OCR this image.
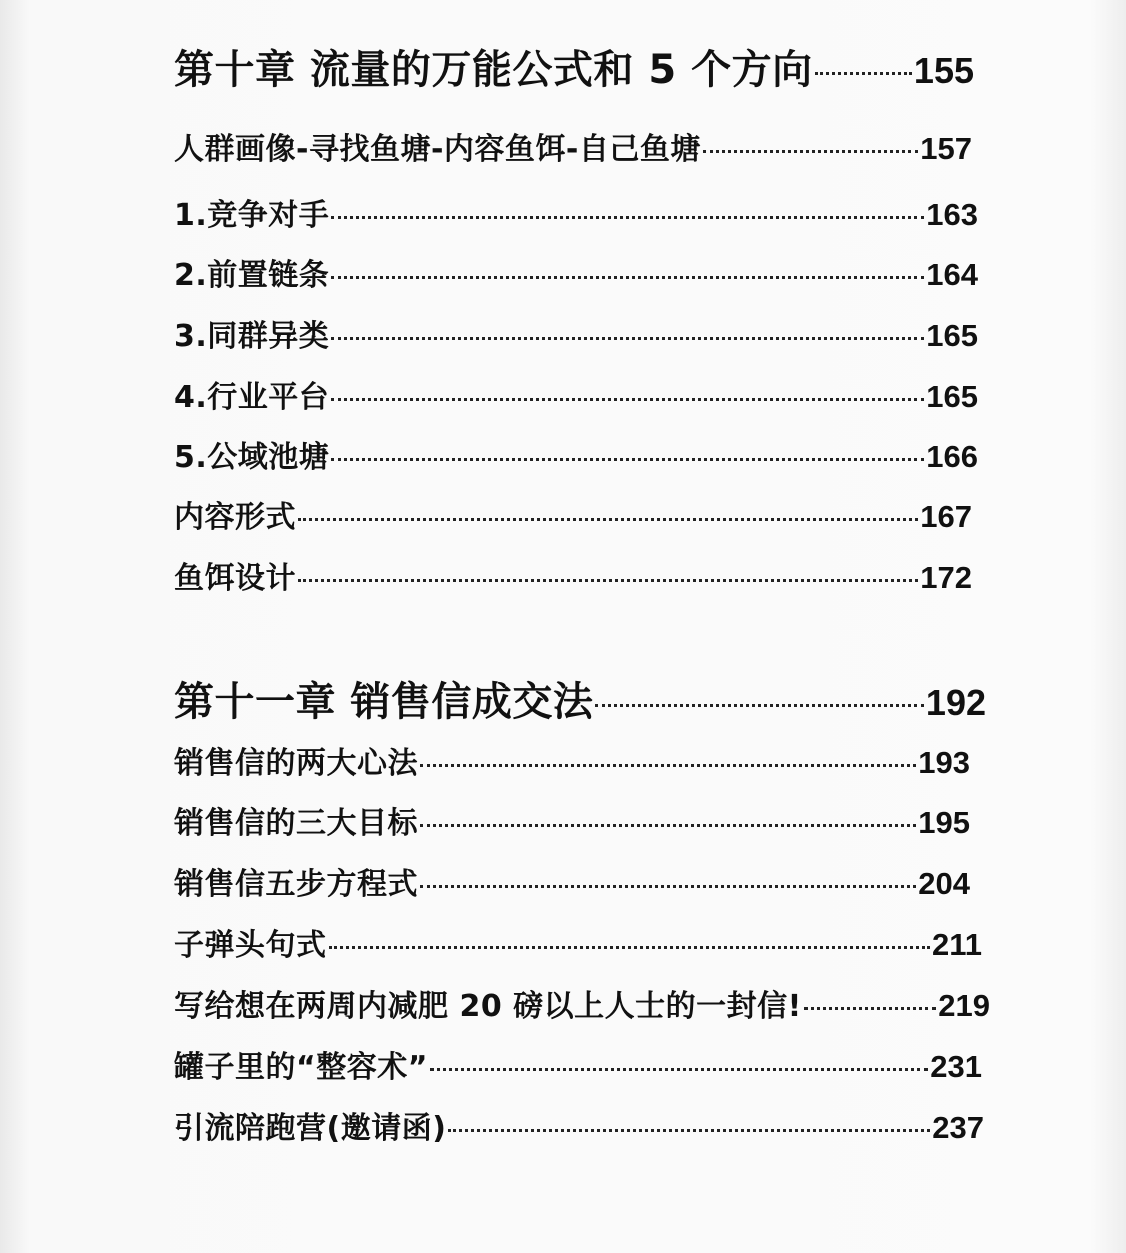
第十章 流量的万能公式和 5 个方向	155
人群画像-寻找鱼塘-内容鱼饵-自己鱼塘	157
1.竞争对手	163
2.前置链条	164
3.同群异类	165
4.行业平台	165
5.公域池塘	166
内容形式	167
鱼饵设计	172
第十一章 销售信成交法	192
销售信的两大心法	193
销售信的三大目标	195
销售信五步方程式	204
子弹头句式	211
写给想在两周内减肥 20 磅以上人士的一封信!	219
罐子里的“整容术”	231
引流陪跑营(邀请函)	237
